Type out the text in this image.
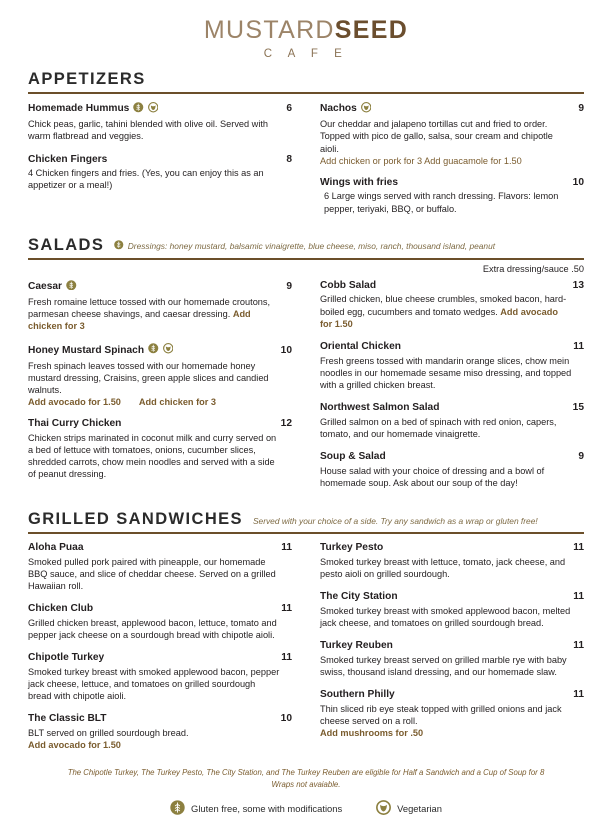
MUSTARDSEED
C A F E
APPETIZERS
Homemade Hummus	6
Chick peas, garlic, tahini blended with olive oil. Served with warm flatbread and veggies.
Chicken Fingers	8
4 Chicken fingers and fries. (Yes, you can enjoy this as an appetizer or a meal!)
Nachos	9
Our cheddar and jalapeno tortillas cut and fried to order. Topped with pico de gallo, salsa, sour cream and chipotle aioli.
Add chicken or pork for 3 Add guacamole for 1.50
Wings with fries	10
6 Large wings served with ranch dressing. Flavors: lemon pepper, teriyaki, BBQ, or buffalo.
SALADS	Dressings: honey mustard, balsamic vinaigrette, blue cheese, miso, ranch, thousand island, peanut
Extra dressing/sauce .50
Caesar	9
Fresh romaine lettuce tossed with our homemade croutons, parmesan cheese shavings, and caesar dressing. Add chicken for 3
Honey Mustard Spinach	10
Fresh spinach leaves tossed with our homemade honey mustard dressing, Craisins, green apple slices and candied walnuts.
Add avocado for 1.50 Add chicken for 3
Thai Curry Chicken	12
Chicken strips marinated in coconut milk and curry served on a bed of lettuce with tomatoes, onions, cucumber slices, shredded carrots, chow mein noodles and served with a side of peanut dressing.
Cobb Salad	13
Grilled chicken, blue cheese crumbles, smoked bacon, hard-boiled egg, cucumbers and tomato wedges. Add avocado for 1.50
Oriental Chicken	11
Fresh greens tossed with mandarin orange slices, chow mein noodles in our homemade sesame miso dressing, and topped with a grilled chicken breast.
Northwest Salmon Salad	15
Grilled salmon on a bed of spinach with red onion, capers, tomato, and our homemade vinaigrette.
Soup & Salad	9
House salad with your choice of dressing and a bowl of homemade soup. Ask about our soup of the day!
GRILLED SANDWICHES Served with your choice of a side. Try any sandwich as a wrap or gluten free!
Aloha Puaa	11
Smoked pulled pork paired with pineapple, our homemade BBQ sauce, and slice of cheddar cheese. Served on a grilled Hawaiian roll.
Chicken Club	11
Grilled chicken breast, applewood bacon, lettuce, tomato and pepper jack cheese on a sourdough bread with chipotle aioli.
Chipotle Turkey	11
Smoked turkey breast with smoked applewood bacon, pepper jack cheese, lettuce, and tomatoes on grilled sourdough bread with chipotle aioli.
The Classic BLT	10
BLT served on grilled sourdough bread.
Add avocado for 1.50
Turkey Pesto	11
Smoked turkey breast with lettuce, tomato, jack cheese, and pesto aioli on grilled sourdough.
The City Station	11
Smoked turkey breast with smoked applewood bacon, melted jack cheese, and tomatoes on grilled sourdough bread.
Turkey Reuben	11
Smoked turkey breast served on grilled marble rye with baby swiss, thousand island dressing, and our homemade slaw.
Southern Philly	11
Thin sliced rib eye steak topped with grilled onions and jack cheese served on a roll.
Add mushrooms for .50
The Chipotle Turkey, The Turkey Pesto, The City Station, and The Turkey Reuben are eligible for Half a Sandwich and a Cup of Soup for 8 Wraps not avaiable.
Gluten free, some with modifications	Vegetarian
